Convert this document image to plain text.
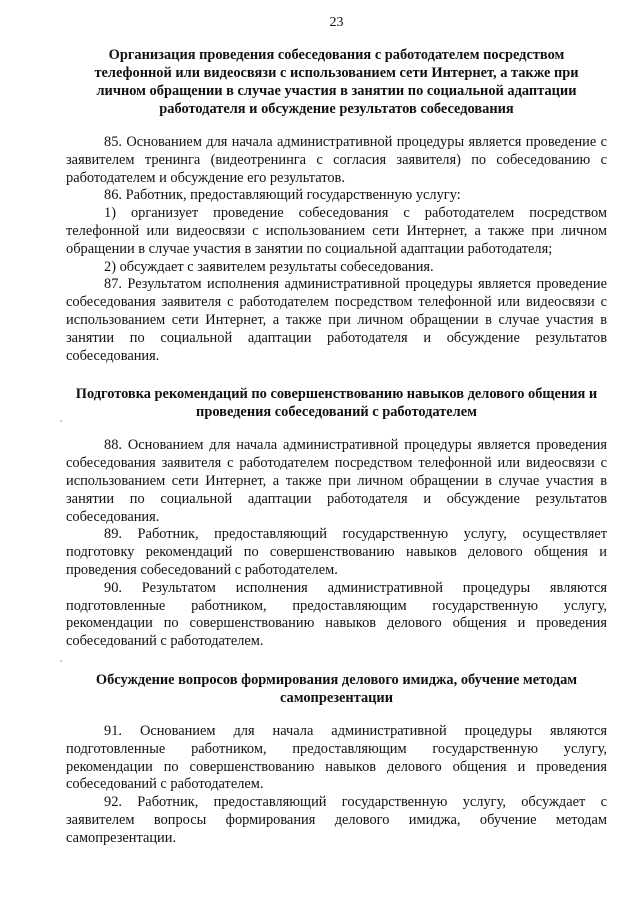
23
Организация проведения собеседования с работодателем посредством телефонной или видеосвязи с использованием сети Интернет, а также при личном обращении в случае участия в занятии по социальной адаптации работодателя и обсуждение результатов собеседования

85. Основанием для начала административной процедуры является проведение с заявителем тренинга (видеотренинга с согласия заявителя) по собеседованию с работодателем и обсуждение его результатов.

86. Работник, предоставляющий государственную услугу:

1) организует проведение собеседования с работодателем посредством телефонной или видеосвязи с использованием сети Интернет, а также при личном обращении в случае участия в занятии по социальной адаптации работодателя;

2) обсуждает с заявителем результаты собеседования.

87. Результатом исполнения административной процедуры является проведение собеседования заявителя с работодателем посредством телефонной или видеосвязи с использованием сети Интернет, а также при личном обращении в случае участия в занятии по социальной адаптации работодателя и обсуждение результатов собеседования.

Подготовка рекомендаций по совершенствованию навыков делового общения и проведения собеседований с работодателем

88. Основанием для начала административной процедуры является проведения собеседования заявителя с работодателем посредством телефонной или видеосвязи с использованием сети Интернет, а также при личном обращении в случае участия в занятии по социальной адаптации работодателя и обсуждение результатов собеседования.

89. Работник, предоставляющий государственную услугу, осуществляет подготовку рекомендаций по совершенствованию навыков делового общения и проведения собеседований с работодателем.

90. Результатом исполнения административной процедуры являются подготовленные работником, предоставляющим государственную услугу, рекомендации по совершенствованию навыков делового общения и проведения собеседований с работодателем.

Обсуждение вопросов формирования делового имиджа, обучение методам самопрезентации

91. Основанием для начала административной процедуры являются подготовленные работником, предоставляющим государственную услугу, рекомендации по совершенствованию навыков делового общения и проведения собеседований с работодателем.

92. Работник, предоставляющий государственную услугу, обсуждает с заявителем вопросы формирования делового имиджа, обучение методам самопрезентации.
